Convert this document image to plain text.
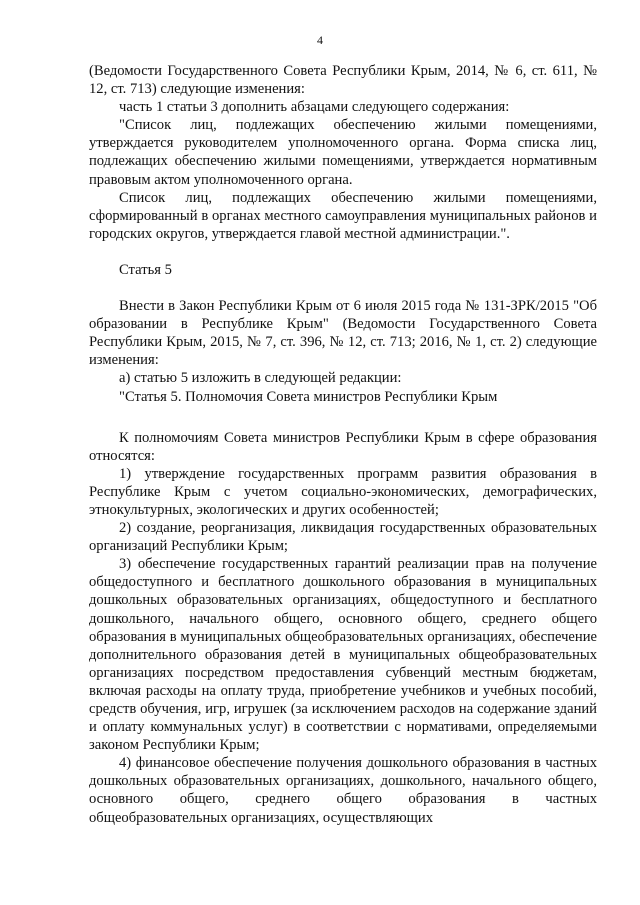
4

(Ведомости Государственного Совета Республики Крым, 2014, № 6, ст. 611, № 12, ст. 713) следующие изменения:

часть 1 статьи 3 дополнить абзацами следующего содержания:

"Список лиц, подлежащих обеспечению жилыми помещениями, утверждается руководителем уполномоченного органа. Форма списка лиц, подлежащих обеспечению жилыми помещениями, утверждается нормативным правовым актом уполномоченного органа.

Список лиц, подлежащих обеспечению жилыми помещениями, сформированный в органах местного самоуправления муниципальных районов и городских округов, утверждается главой местной администрации.".

Статья 5

Внести в Закон Республики Крым от 6 июля 2015 года № 131-ЗРК/2015 "Об образовании в Республике Крым" (Ведомости Государственного Совета Республики Крым, 2015, № 7, ст. 396, № 12, ст. 713; 2016, № 1, ст. 2) следующие изменения:

а) статью 5 изложить в следующей редакции:

"Статья 5. Полномочия Совета министров Республики Крым

К полномочиям Совета министров Республики Крым в сфере образования относятся:

1) утверждение государственных программ развития образования в Республике Крым с учетом социально-экономических, демографических, этнокультурных, экологических и других особенностей;

2) создание, реорганизация, ликвидация государственных образовательных организаций Республики Крым;

3) обеспечение государственных гарантий реализации прав на получение общедоступного и бесплатного дошкольного образования в муниципальных дошкольных образовательных организациях, общедоступного и бесплатного дошкольного, начального общего, основного общего, среднего общего образования в муниципальных общеобразовательных организациях, обеспечение дополнительного образования детей в муниципальных общеобразовательных организациях посредством предоставления субвенций местным бюджетам, включая расходы на оплату труда, приобретение учебников и учебных пособий, средств обучения, игр, игрушек (за исключением расходов на содержание зданий и оплату коммунальных услуг) в соответствии с нормативами, определяемыми законом Республики Крым;

4) финансовое обеспечение получения дошкольного образования в частных дошкольных образовательных организациях, дошкольного, начального общего, основного общего, среднего общего образования в частных общеобразовательных организациях, осуществляющих
